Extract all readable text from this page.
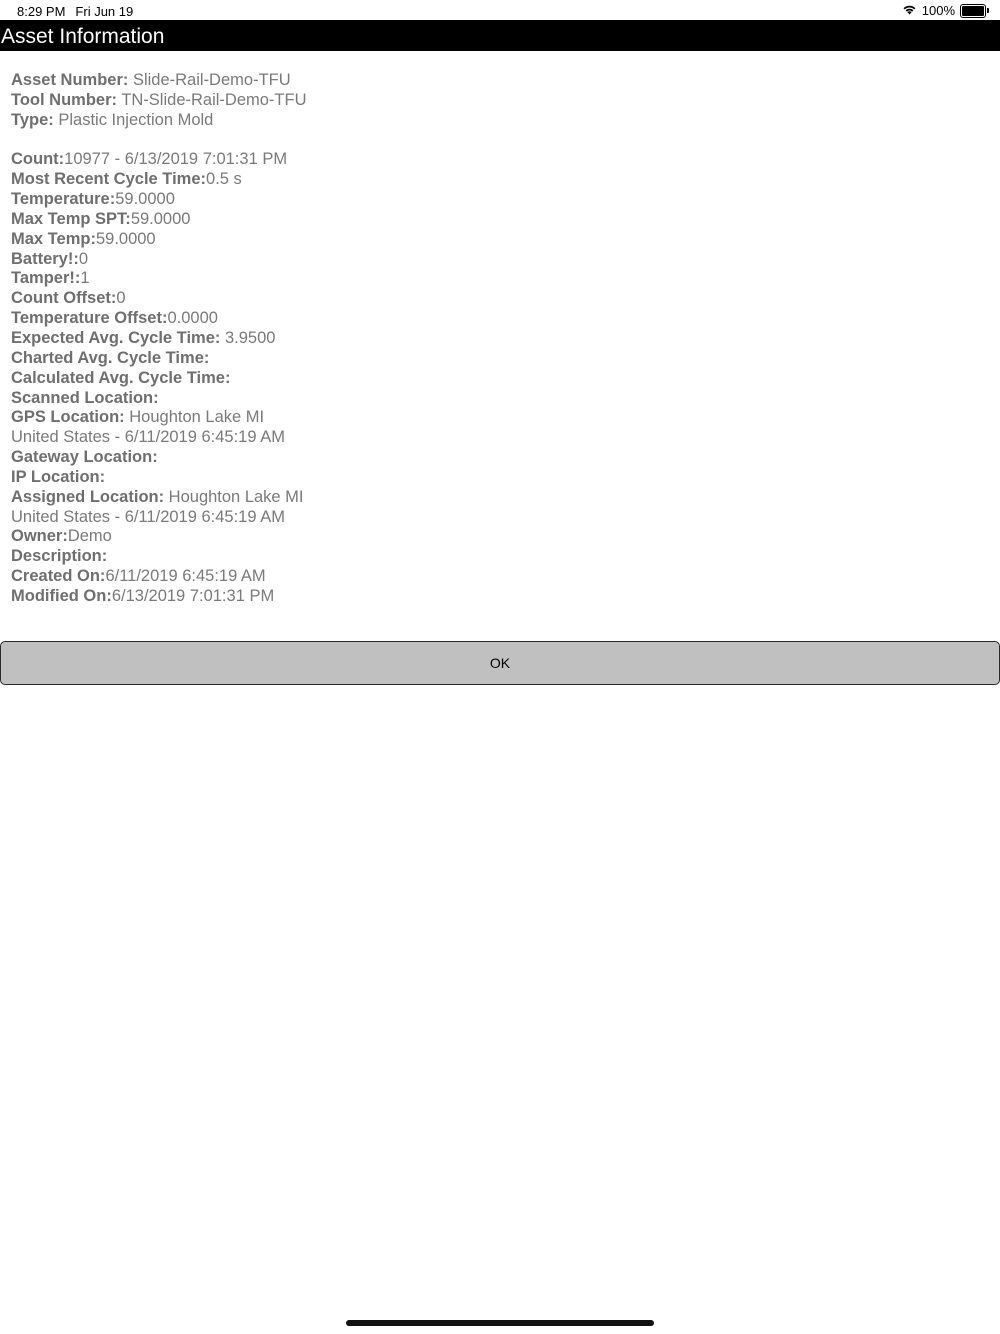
8:29 PM Fri Jun 19	100%
Asset Information
Asset Number: Slide-Rail-Demo-TFU
Tool Number: TN-Slide-Rail-Demo-TFU
Type: Plastic Injection Mold
Count:10977 - 6/13/2019 7:01:31 PM
Most Recent Cycle Time:0.5 s
Temperature:59.0000
Max Temp SPT:59.0000
Max Temp:59.0000
Battery!:0
Tamper!:1
Count Offset:0
Temperature Offset:0.0000
Expected Avg. Cycle Time: 3.9500
Charted Avg. Cycle Time:
Calculated Avg. Cycle Time:
Scanned Location:
GPS Location: Houghton Lake MI
United States - 6/11/2019 6:45:19 AM
Gateway Location:
IP Location:
Assigned Location: Houghton Lake MI
United States - 6/11/2019 6:45:19 AM
Owner:Demo
Description:
Created On:6/11/2019 6:45:19 AM
Modified On:6/13/2019 7:01:31 PM
OK
